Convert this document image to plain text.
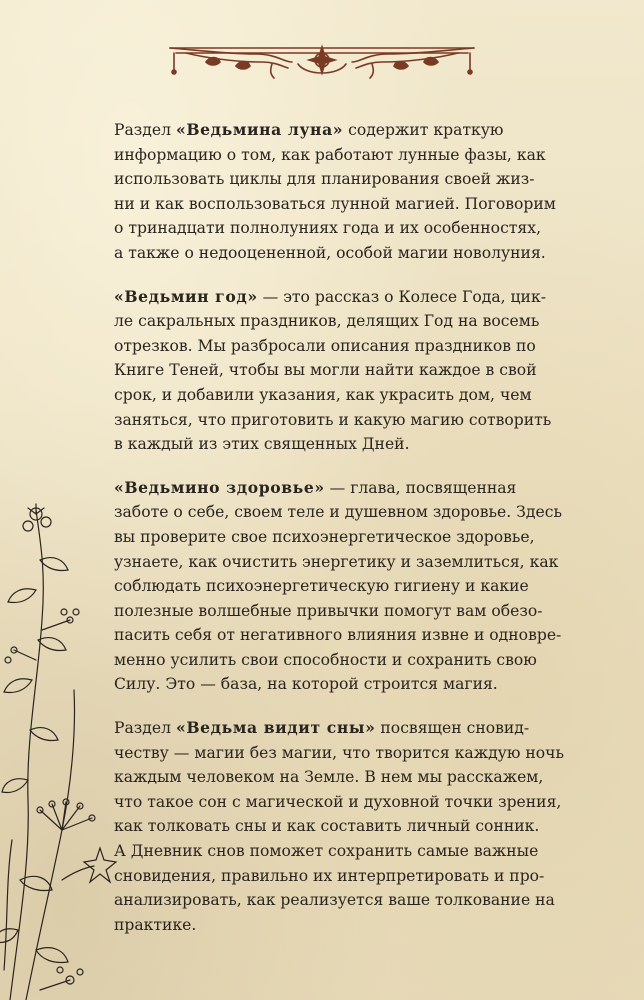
Раздел «Ведьмина луна» содержит краткую
информацию о том, как работают лунные фазы, как
использовать циклы для планирования своей жиз-
ни и как воспользоваться лунной магией. Поговорим
о тринадцати полнолуниях года и их особенностях,
а также о недооцененной, особой магии новолуния.

«Ведьмин год» — это рассказ о Колесе Года, цик-
ле сакральных праздников, делящих Год на восемь
отрезков. Мы разбросали описания праздников по
Книге Теней, чтобы вы могли найти каждое в свой
срок, и добавили указания, как украсить дом, чем
заняться, что приготовить и какую магию сотворить
в каждый из этих священных Дней.

«Ведьмино здоровье» — глава, посвященная
заботе о себе, своем теле и душевном здоровье. Здесь
вы проверите свое психоэнергетическое здоровье,
узнаете, как очистить энергетику и заземлиться, как
соблюдать психоэнергетическую гигиену и какие
полезные волшебные привычки помогут вам обезо-
пасить себя от негативного влияния извне и одновре-
менно усилить свои способности и сохранить свою
Силу. Это — база, на которой строится магия.

Раздел «Ведьма видит сны» посвящен сновид-
честву — магии без магии, что творится каждую ночь
каждым человеком на Земле. В нем мы расскажем,
что такое сон с магической и духовной точки зрения,
как толковать сны и как составить личный сонник.
А Дневник снов поможет сохранить самые важные
сновидения, правильно их интерпретировать и про-
анализировать, как реализуется ваше толкование на
практике.
